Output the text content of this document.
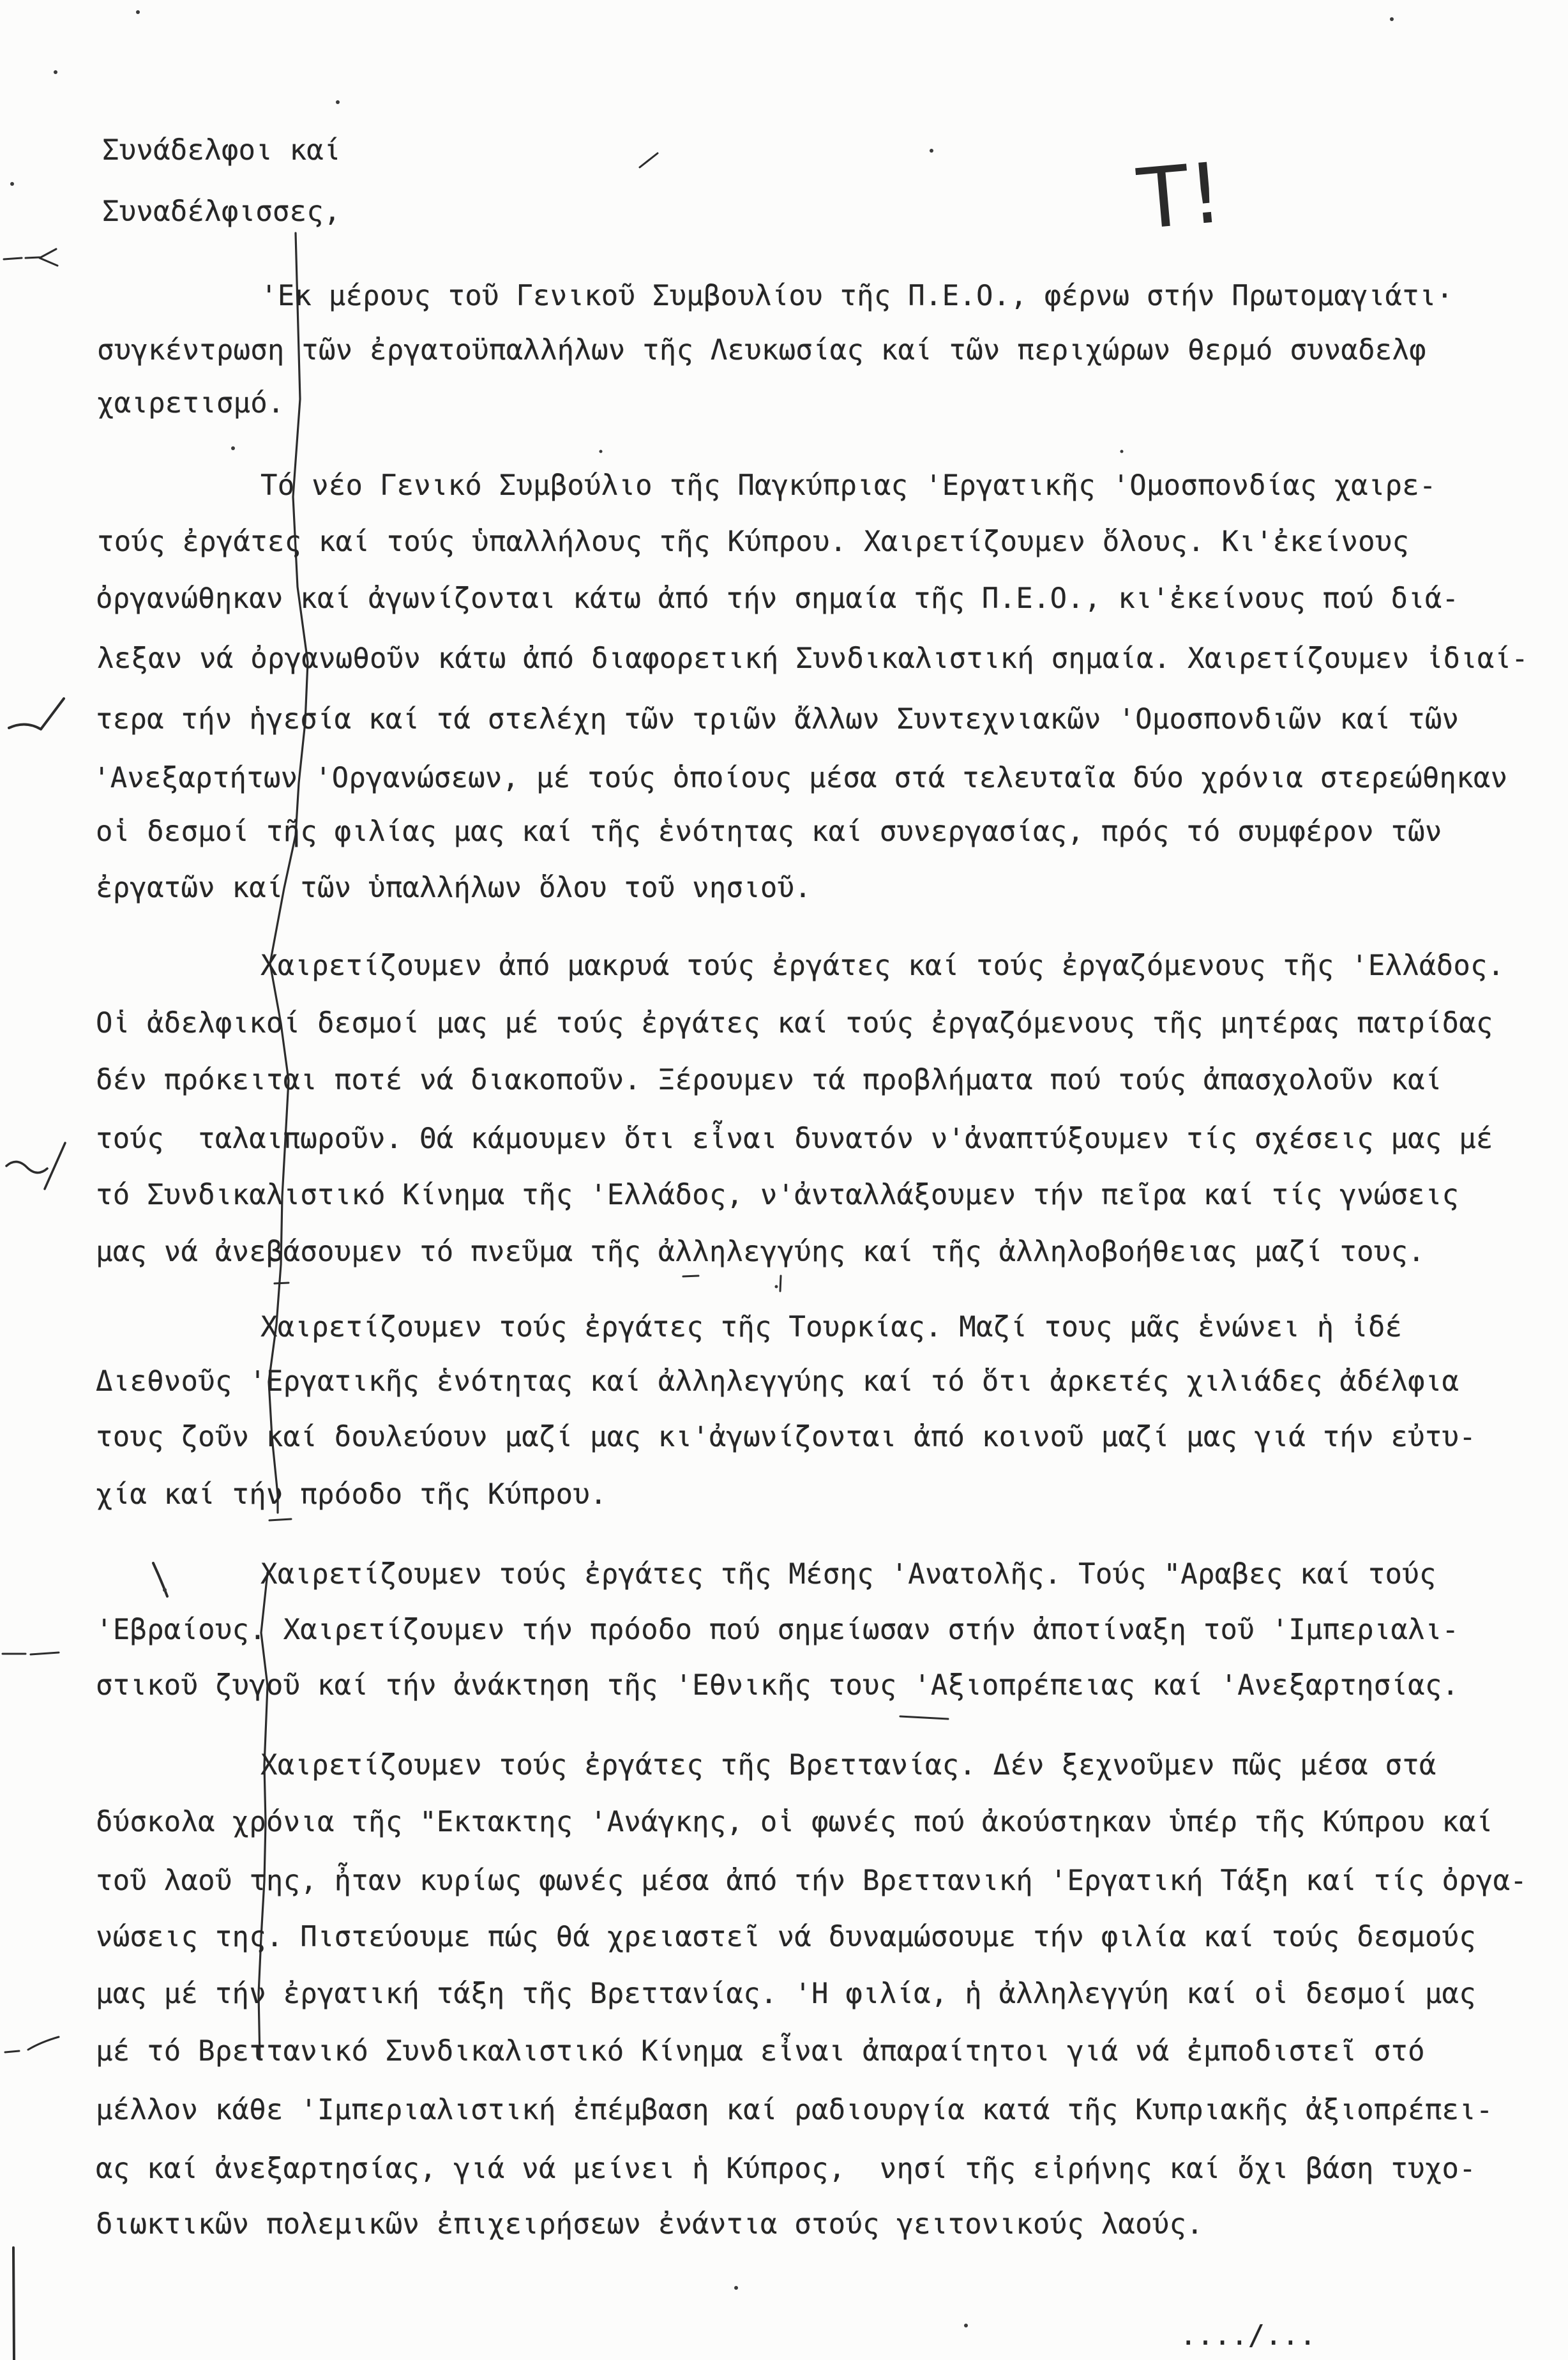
Τ!
Συνάδελφοι καί
Συναδέλφισσες,
'Εκ μέρους τοῦ Γενικοῦ Συμβουλίου τῆς Π.Ε.Ο., φέρνω στήν Πρωτομαγιάτι·
συγκέντρωση τῶν ἐργατοϋπαλλήλων τῆς Λευκωσίας καί τῶν περιχώρων θερμό συναδελφ
χαιρετισμό.
Τό νέο Γενικό Συμβούλιο τῆς Παγκύπριας 'Εργατικῆς 'Ομοσπονδίας χαιρε-
τούς ἐργάτες καί τούς ὑπαλλήλους τῆς Κύπρου. Χαιρετίζουμεν ὅλους. Κι'ἐκείνους
ὀργανώθηκαν καί ἀγωνίζονται κάτω ἀπό τήν σημαία τῆς Π.Ε.Ο., κι'ἐκείνους πού διά-
λεξαν νά ὀργανωθοῦν κάτω ἀπό διαφορετική Συνδικαλιστική σημαία. Χαιρετίζουμεν ἰδιαί-
τερα τήν ἡγεσία καί τά στελέχη τῶν τριῶν ἄλλων Συντεχνιακῶν 'Ομοσπονδιῶν καί τῶν
'Ανεξαρτήτων 'Οργανώσεων, μέ τούς ὁποίους μέσα στά τελευταῖα δύο χρόνια στερεώθηκαν
οἱ δεσμοί τῆς φιλίας μας καί τῆς ἑνότητας καί συνεργασίας, πρός τό συμφέρον τῶν
ἐργατῶν καί τῶν ὑπαλλήλων ὅλου τοῦ νησιοῦ.
Χαιρετίζουμεν ἀπό μακρυά τούς ἐργάτες καί τούς ἐργαζόμενους τῆς 'Ελλάδος.
Οἱ ἀδελφικοί δεσμοί μας μέ τούς ἐργάτες καί τούς ἐργαζόμενους τῆς μητέρας πατρίδας
δέν πρόκειται ποτέ νά διακοποῦν. Ξέρουμεν τά προβλήματα πού τούς ἀπασχολοῦν καί
τούς  ταλαιπωροῦν. Θά κάμουμεν ὅτι εἶναι δυνατόν ν'ἀναπτύξουμεν τίς σχέσεις μας μέ
τό Συνδικαλιστικό Κίνημα τῆς 'Ελλάδος, ν'ἀνταλλάξουμεν τήν πεῖρα καί τίς γνώσεις
μας νά ἀνεβάσουμεν τό πνεῦμα τῆς ἀλληλεγγύης καί τῆς ἀλληλοβοήθειας μαζί τους.
Χαιρετίζουμεν τούς ἐργάτες τῆς Τουρκίας. Μαζί τους μᾶς ἑνώνει ἡ ἰδέ
Διεθνοῦς 'Εργατικῆς ἑνότητας καί ἀλληλεγγύης καί τό ὅτι ἀρκετές χιλιάδες ἀδέλφια
τους ζοῦν καί δουλεύουν μαζί μας κι'ἀγωνίζονται ἀπό κοινοῦ μαζί μας γιά τήν εὐτυ-
χία καί τήν πρόοδο τῆς Κύπρου.
Χαιρετίζουμεν τούς ἐργάτες τῆς Μέσης 'Ανατολῆς. Τούς "Αραβες καί τούς
'Εβραίους. Χαιρετίζουμεν τήν πρόοδο πού σημείωσαν στήν ἀποτίναξη τοῦ 'Ιμπεριαλι-
στικοῦ ζυγοῦ καί τήν ἀνάκτηση τῆς 'Εθνικῆς τους 'Αξιοπρέπειας καί 'Ανεξαρτησίας.
Χαιρετίζουμεν τούς ἐργάτες τῆς Βρεττανίας. Δέν ξεχνοῦμεν πῶς μέσα στά
δύσκολα χρόνια τῆς "Εκτακτης 'Ανάγκης, οἱ φωνές πού ἀκούστηκαν ὑπέρ τῆς Κύπρου καί
τοῦ λαοῦ της, ἦταν κυρίως φωνές μέσα ἀπό τήν Βρεττανική 'Εργατική Τάξη καί τίς ὀργα-
νώσεις της. Πιστεύουμε πώς θά χρειαστεῖ νά δυναμώσουμε τήν φιλία καί τούς δεσμούς
μας μέ τήν ἐργατική τάξη τῆς Βρεττανίας. 'Η φιλία, ἡ ἀλληλεγγύη καί οἱ δεσμοί μας
μέ τό Βρεττανικό Συνδικαλιστικό Κίνημα εἶναι ἀπαραίτητοι γιά νά ἐμποδιστεῖ στό
μέλλον κάθε 'Ιμπεριαλιστική ἐπέμβαση καί ραδιουργία κατά τῆς Κυπριακῆς ἀξιοπρέπει-
ας καί ἀνεξαρτησίας, γιά νά μείνει ἡ Κύπρος,  νησί τῆς εἰρήνης καί ὄχι βάση τυχο-
διωκτικῶν πολεμικῶν ἐπιχειρήσεων ἐνάντια στούς γειτονικούς λαούς.
..../...
